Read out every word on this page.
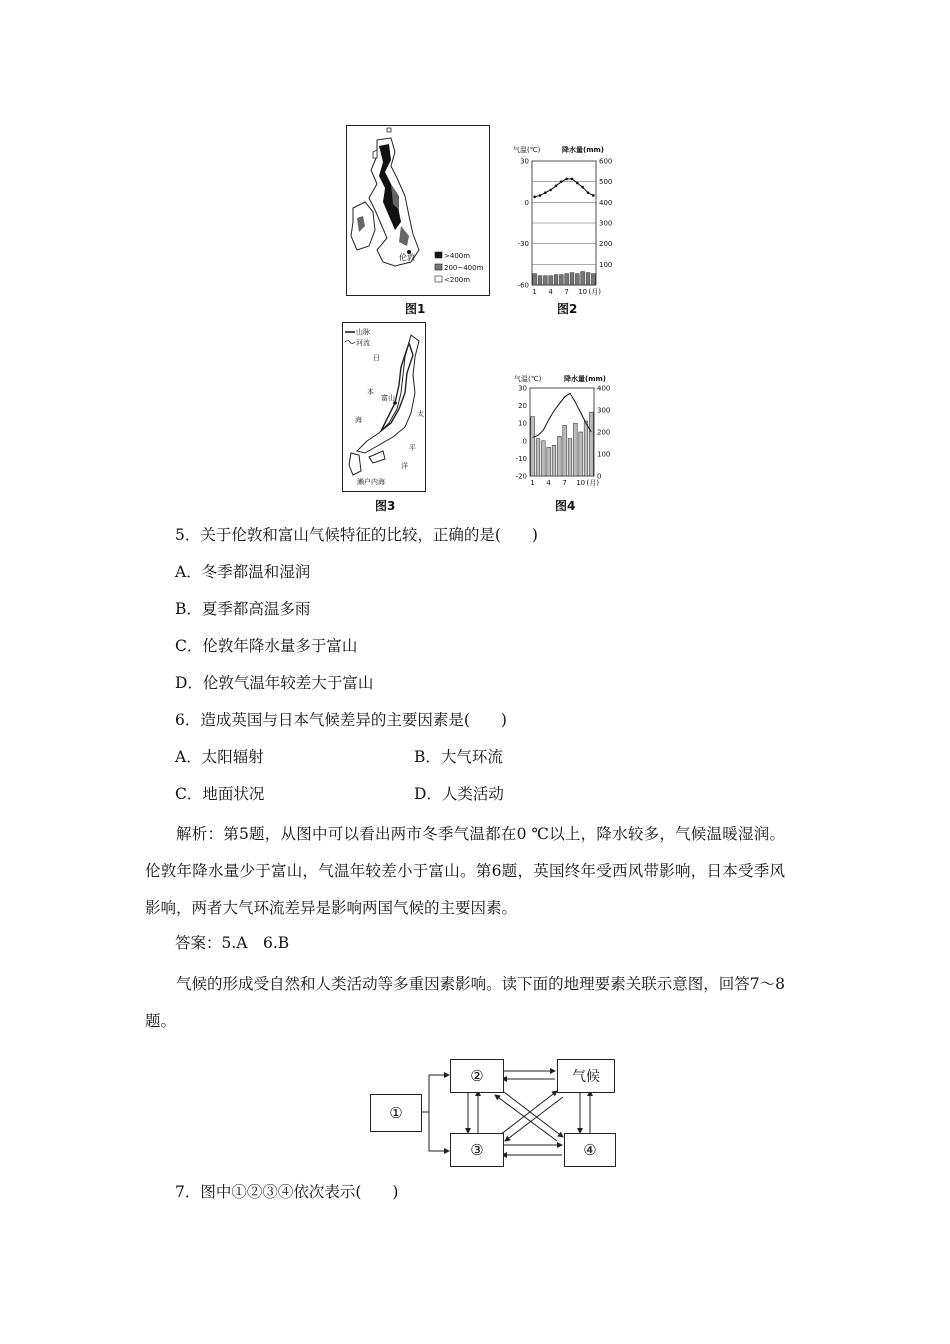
伦敦	>400m
200~400m
<200m
图1
气温(℃)	降水量(mm)
600
500
400
300
200
100
30
0
-30
-60
1 4 7 10 (月)
图2
山脉
河流
日
本
海
太
平
洋
富山
濑户内海
图3
气温(℃)	降水量(mm)
400
300
200
100
0
30
20
10
0
-10
-20
1 4 7 10 (月)
图4
5．关于伦敦和富山气候特征的比较，正确的是(　　)
A．冬季都温和湿润
B．夏季都高温多雨
C．伦敦年降水量多于富山
D．伦敦气温年较差大于富山
6．造成英国与日本气候差异的主要因素是(　　)
A．太阳辐射	B．大气环流
C．地面状况	D．人类活动
解析：第5题，从图中可以看出两市冬季气温都在0 ℃以上，降水较多，气候温暖湿润。伦敦年降水量少于富山，气温年较差小于富山。第6题，英国终年受西风带影响，日本受季风影响，两者大气环流差异是影响两国气候的主要因素。
答案：5.A　6.B
气候的形成受自然和人类活动等多重因素影响。读下面的地理要素关联示意图，回答7～8题。
①
②	气候
③	④
7．图中①②③④依次表示(　　)
